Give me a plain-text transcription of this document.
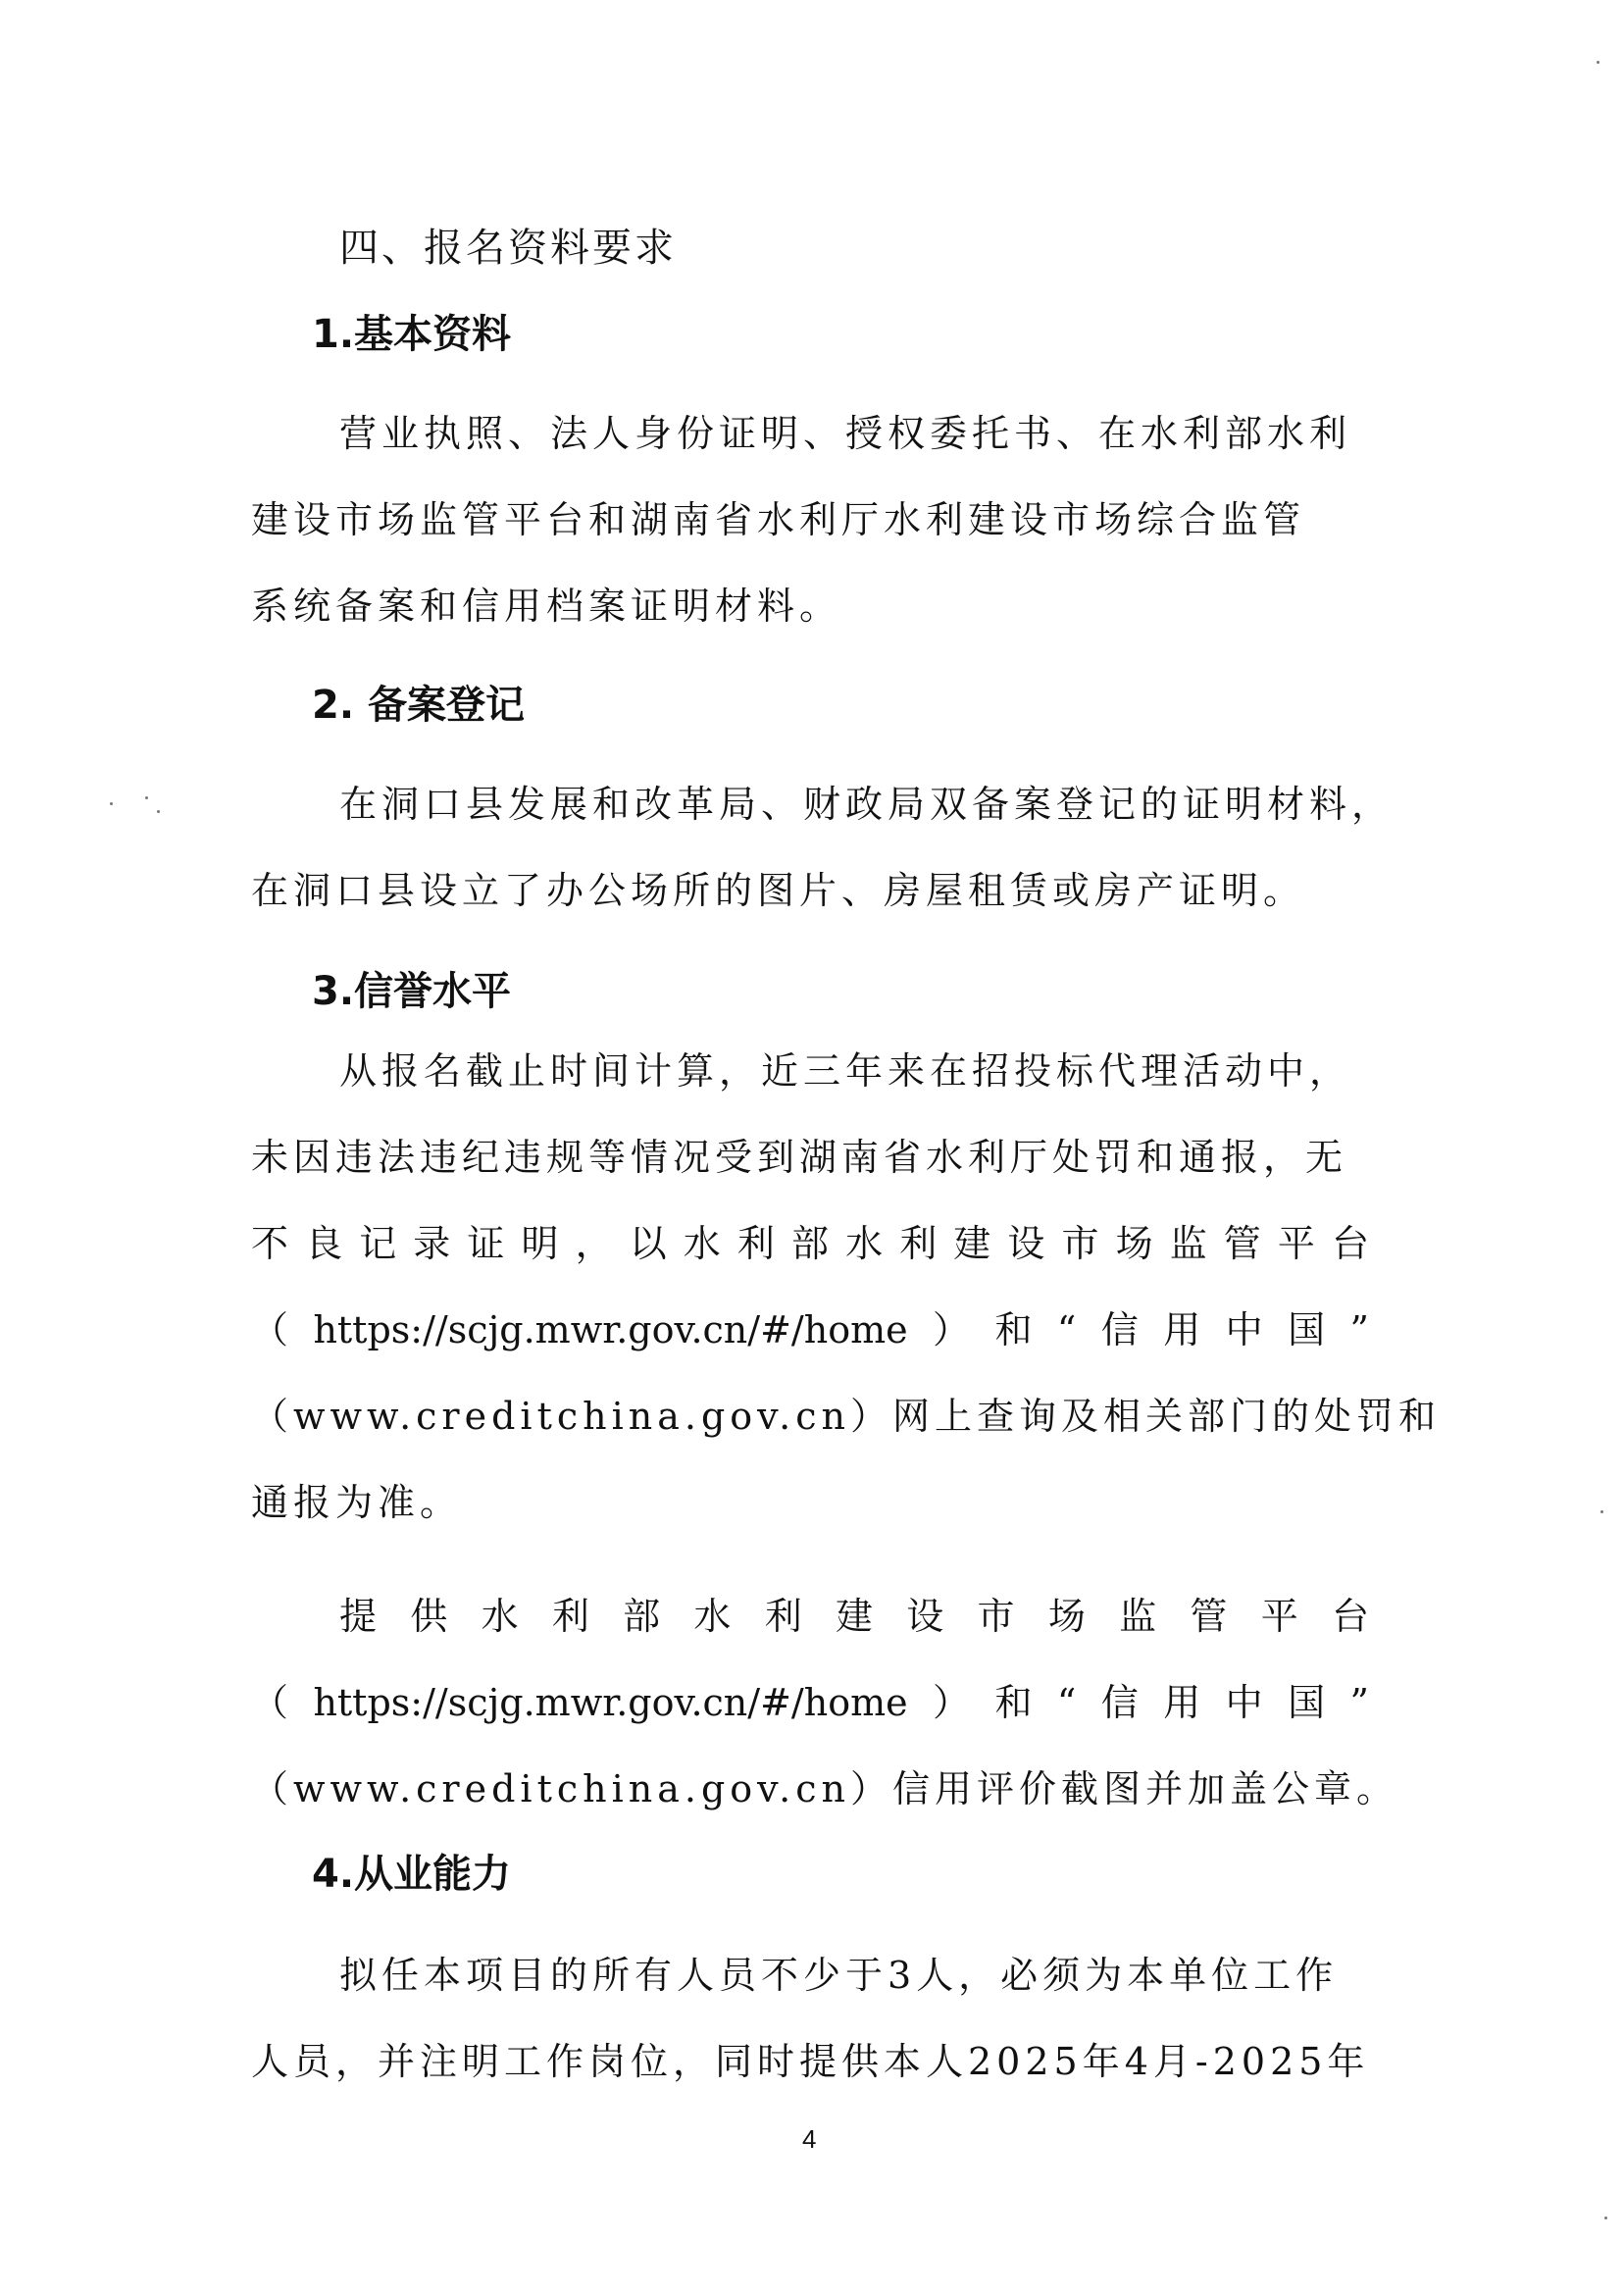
四、报名资料要求
1.基本资料
营业执照、法人身份证明、授权委托书、在水利部水利
建设市场监管平台和湖南省水利厅水利建设市场综合监管
系统备案和信用档案证明材料。
2. 备案登记
在洞口县发展和改革局、财政局双备案登记的证明材料，
在洞口县设立了办公场所的图片、房屋租赁或房产证明。
3.信誉水平
从报名截止时间计算，近三年来在招投标代理活动中，
未因违法违纪违规等情况受到湖南省水利厅处罚和通报，无
不良记录证明，以水利部水利建设市场监管平台
（https://scjg.mwr.gov.cn/#/home）和“信用中国”
（www.creditchina.gov.cn）网上查询及相关部门的处罚和
通报为准。
提供水利部水利建设市场监管平台
（https://scjg.mwr.gov.cn/#/home）和“信用中国”
（www.creditchina.gov.cn）信用评价截图并加盖公章。
4.从业能力
拟任本项目的所有人员不少于3人，必须为本单位工作
人员，并注明工作岗位，同时提供本人2025年4月-2025年
4
